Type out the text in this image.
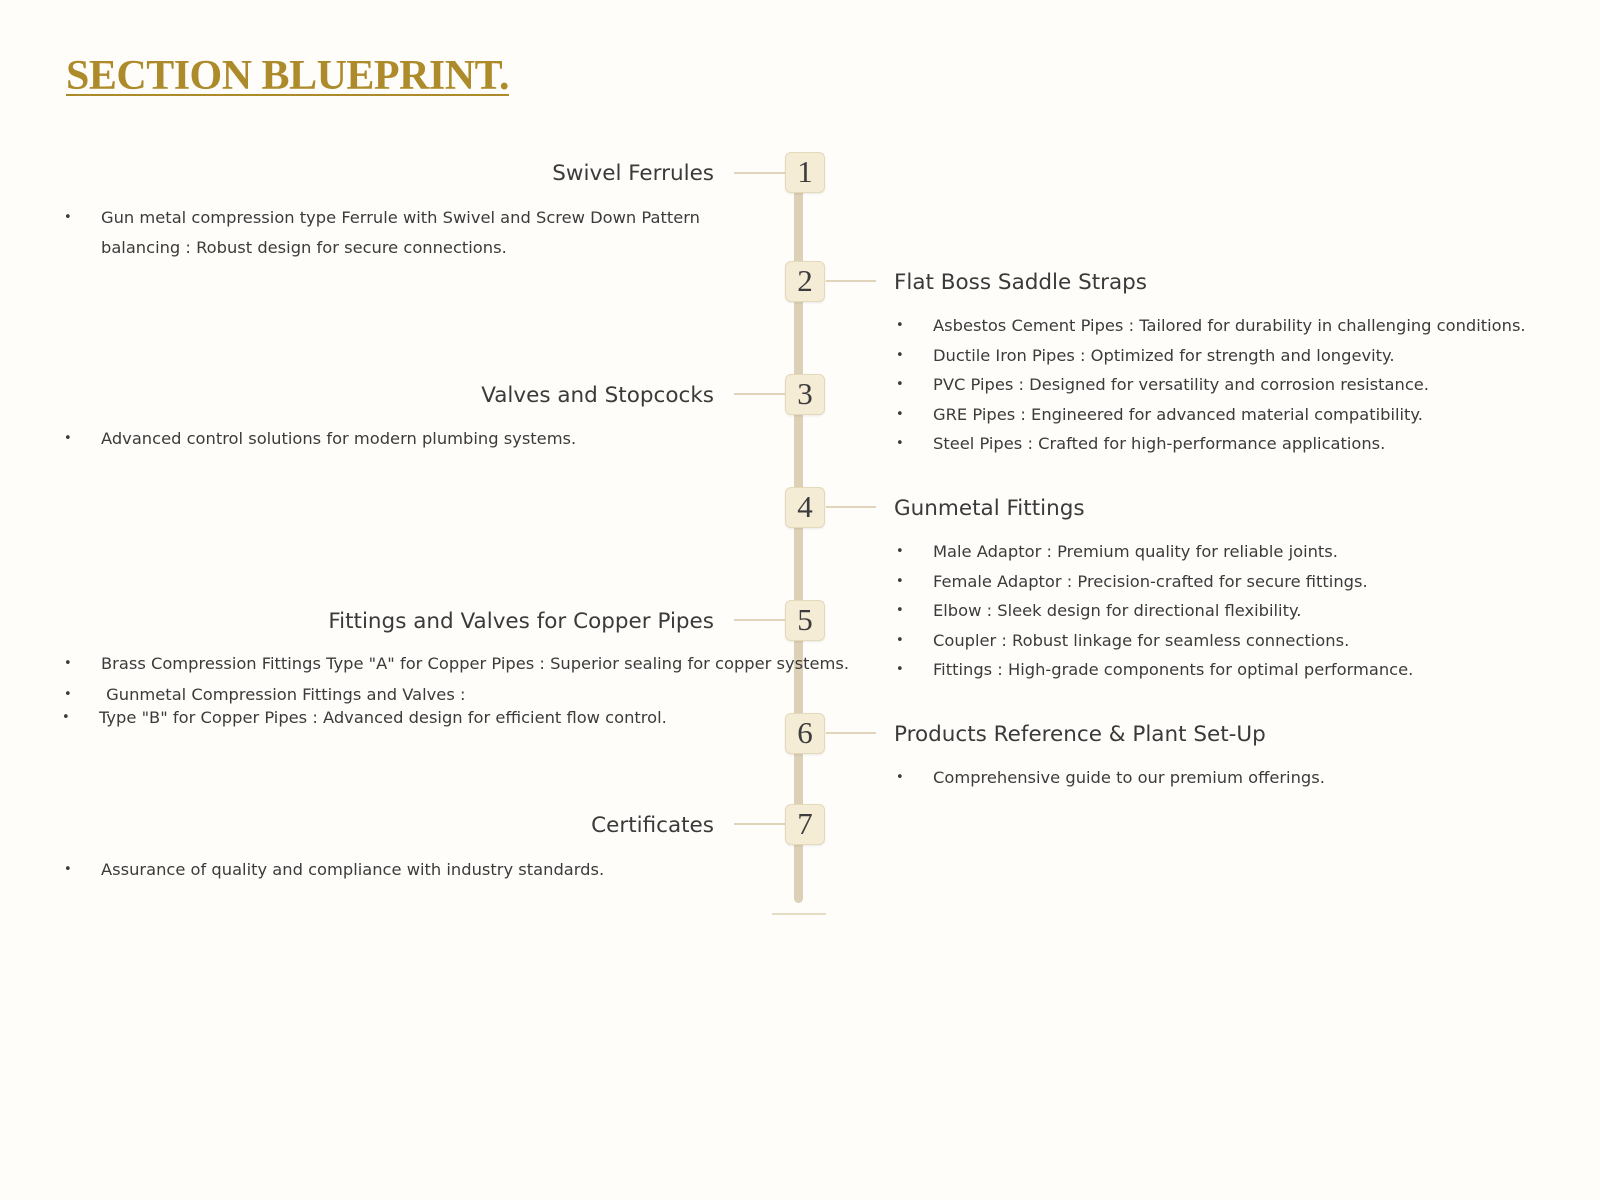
SECTION BLUEPRINT.
1
Swivel Ferrules
• Gun metal compression type Ferrule with Swivel and Screw Down Pattern balancing : Robust design for secure connections.
2	Flat Boss Saddle Straps
• Asbestos Cement Pipes : Tailored for durability in challenging conditions.
• Ductile Iron Pipes : Optimized for strength and longevity.
• PVC Pipes : Designed for versatility and corrosion resistance.
• GRE Pipes : Engineered for advanced material compatibility.
• Steel Pipes : Crafted for high-performance applications.
3
Valves and Stopcocks
• Advanced control solutions for modern plumbing systems.
4	Gunmetal Fittings
• Male Adaptor : Premium quality for reliable joints.
• Female Adaptor : Precision-crafted for secure fittings.
• Elbow : Sleek design for directional flexibility.
• Coupler : Robust linkage for seamless connections.
• Fittings : High-grade components for optimal performance.
5
Fittings and Valves for Copper Pipes
• Brass Compression Fittings Type "A" for Copper Pipes : Superior sealing for copper systems.
• Gunmetal Compression Fittings and Valves :
• Type "B" for Copper Pipes : Advanced design for efficient flow control.	6	Products Reference & Plant Set-Up
• Comprehensive guide to our premium offerings.
7
Certificates
• Assurance of quality and compliance with industry standards.
